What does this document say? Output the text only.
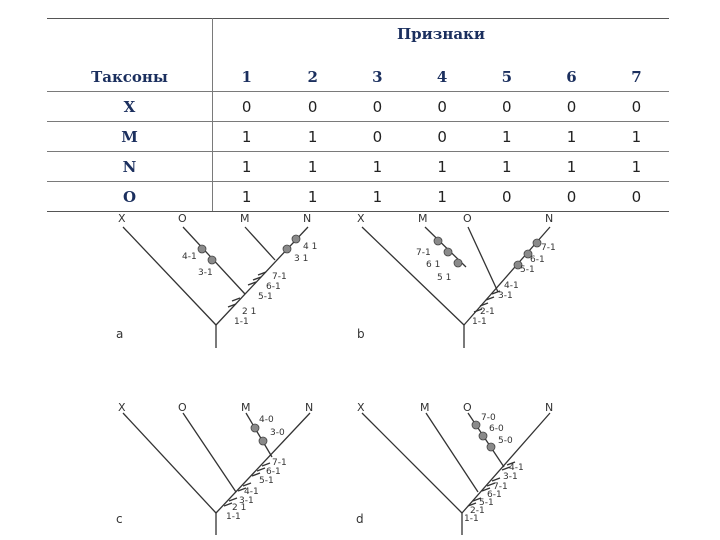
	Признаки						
Таксоны	1	2	3	4	5	6	7
X	0	0	0	0	0	0	0
M	1	1	0	0	1	1	1
N	1	1	1	1	1	1	1
O	1	1	1	1	0	0	0
X	O	M	N
4-1
3-1	7-1
6-1
5-1
2 1
1-1
4 1
3 1
a
X	M	O	N
7-1
6 1
5 1
7-1
6-1
5-1
4-1
3-1
2-1
1-1
b
X	O	M	N
4-0
3-0
7-1
6-1
5-1
4-1
3-1
2 1
1-1
c
X	M	O	N
7-0
6-0
5-0
4-1
3-1
7-1
6-1
5-1
2-1
1-1
d
